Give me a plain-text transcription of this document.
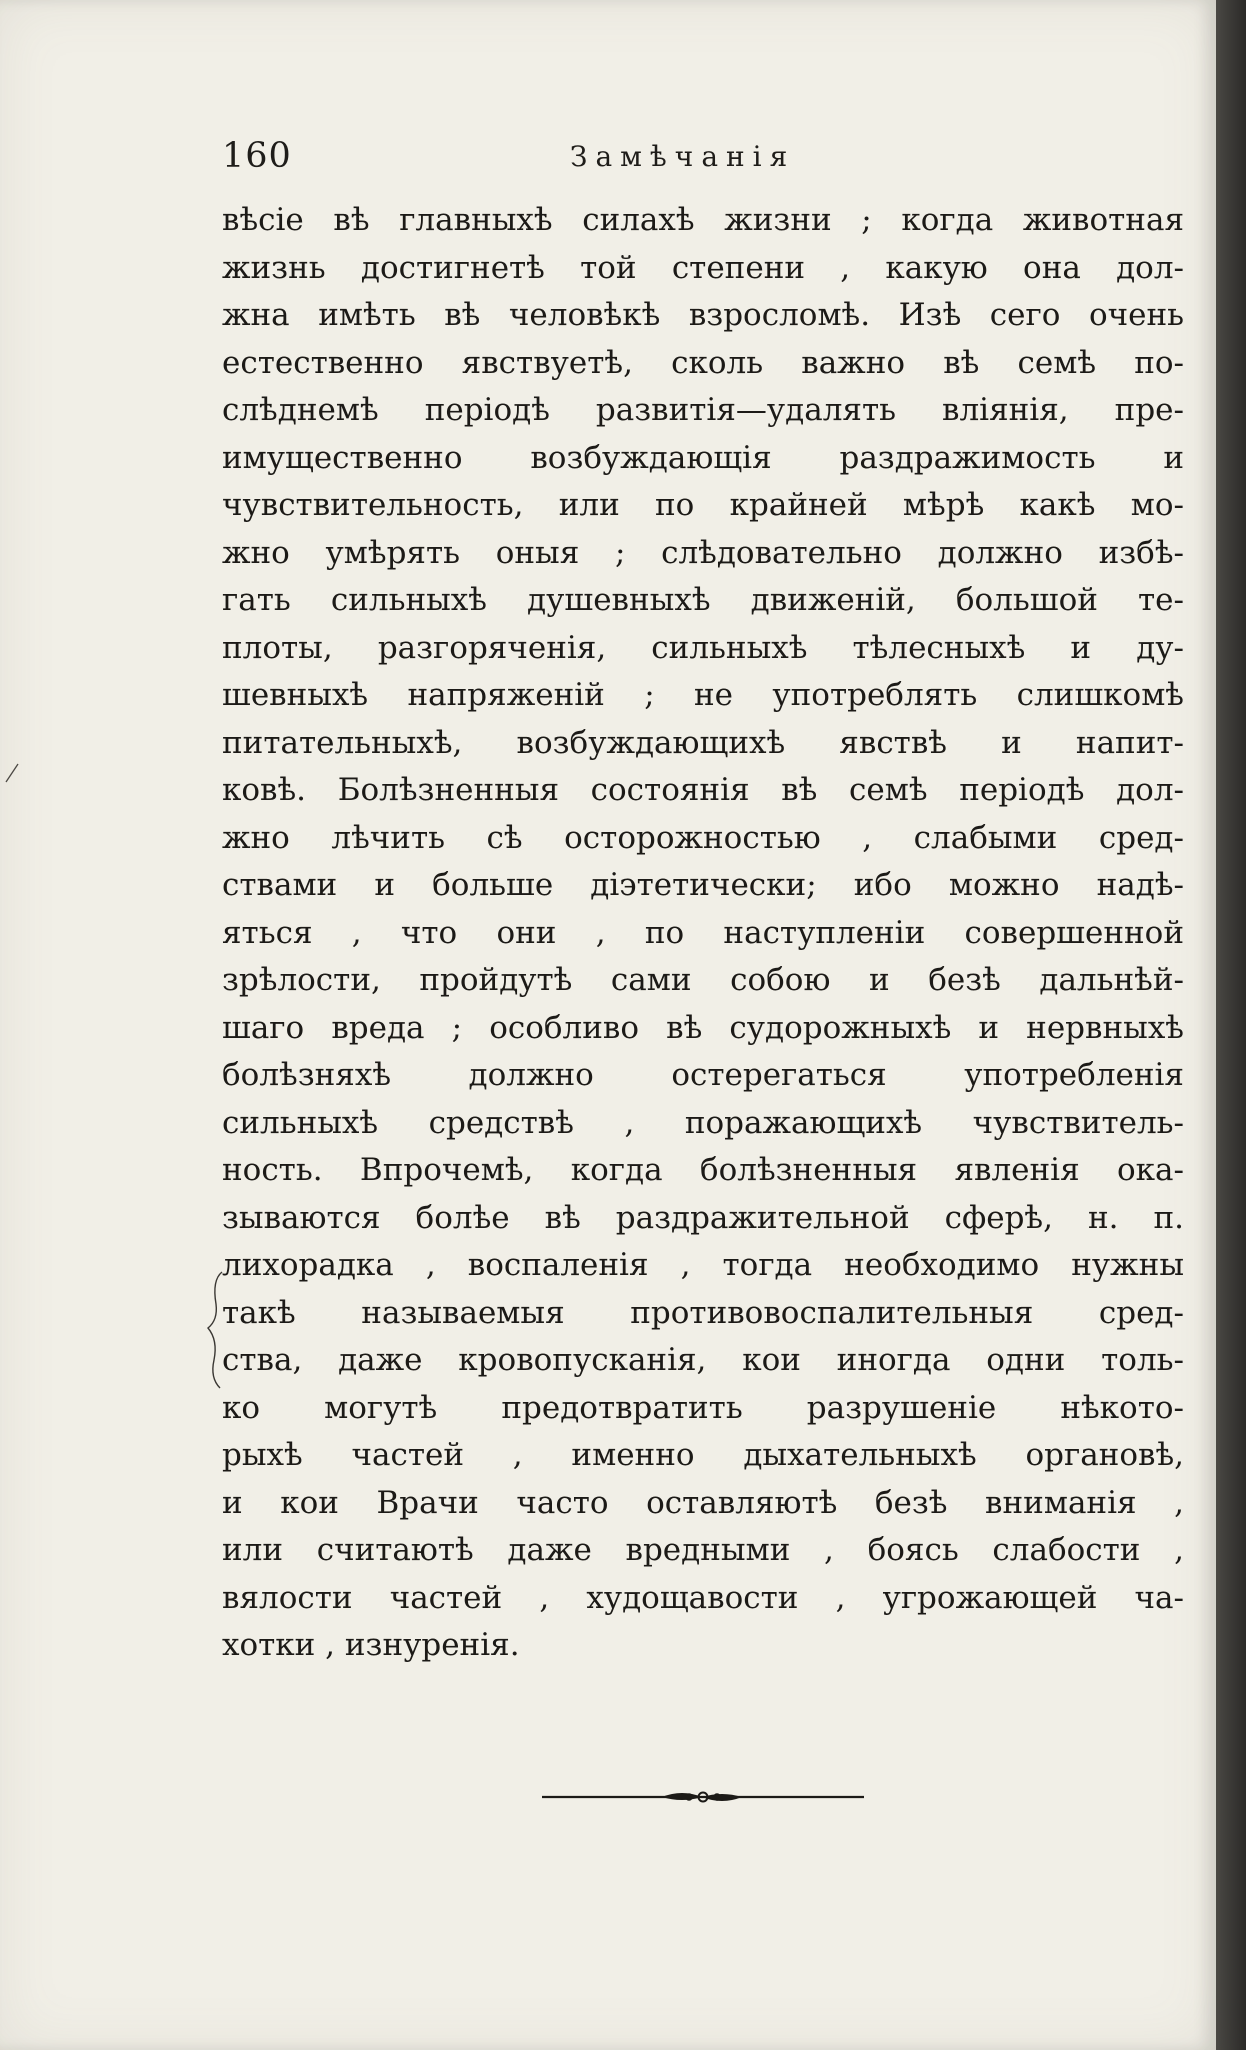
160	Замѣчанія
вѣсіе вѣ главныхѣ силахѣ жизни ; когда животная
жизнь достигнетѣ той степени , какую она дол-
жна имѣть вѣ человѣкѣ взросломѣ. Изѣ сего очень
естественно явствуетѣ, сколь важно вѣ семѣ по-
слѣднемѣ періодѣ развитія—удалять вліянія, пре-
имущественно возбуждающія раздражимость и
чувствительность, или по крайней мѣрѣ какѣ мо-
жно умѣрять оныя ; слѣдовательно должно избѣ-
гать сильныхѣ душевныхѣ движеній, большой те-
плоты, разгоряченія, сильныхѣ тѣлесныхѣ и ду-
шевныхѣ напряженій ; не употреблять слишкомѣ
питательныхѣ, возбуждающихѣ явствѣ и напит-
ковѣ. Болѣзненныя состоянія вѣ семѣ періодѣ дол-
жно лѣчить сѣ осторожностью , слабыми сред-
ствами и больше діэтетически; ибо можно надѣ-
яться , что они , по наступленіи совершенной
зрѣлости, пройдутѣ сами собою и безѣ дальнѣй-
шаго вреда ; особливо вѣ судорожныхѣ и нервныхѣ
болѣзняхѣ должно остерегаться употребленія
сильныхѣ средствѣ , поражающихѣ чувствитель-
ность. Впрочемѣ, когда болѣзненныя явленія ока-
зываются болѣе вѣ раздражительной сферѣ, н. п.
лихорадка , воспаленія , тогда необходимо нужны
такѣ называемыя противовоспалительныя сред-
ства, даже кровопусканія, кои иногда одни толь-
ко могутѣ предотвратить разрушеніе нѣкото-
рыхѣ частей , именно дыхательныхѣ органовѣ,
и кои Врачи часто оставляютѣ безѣ вниманія ,
или считаютѣ даже вредными , боясь слабости ,
вялости частей , худощавости , угрожающей ча-
хотки , изнуренія.
